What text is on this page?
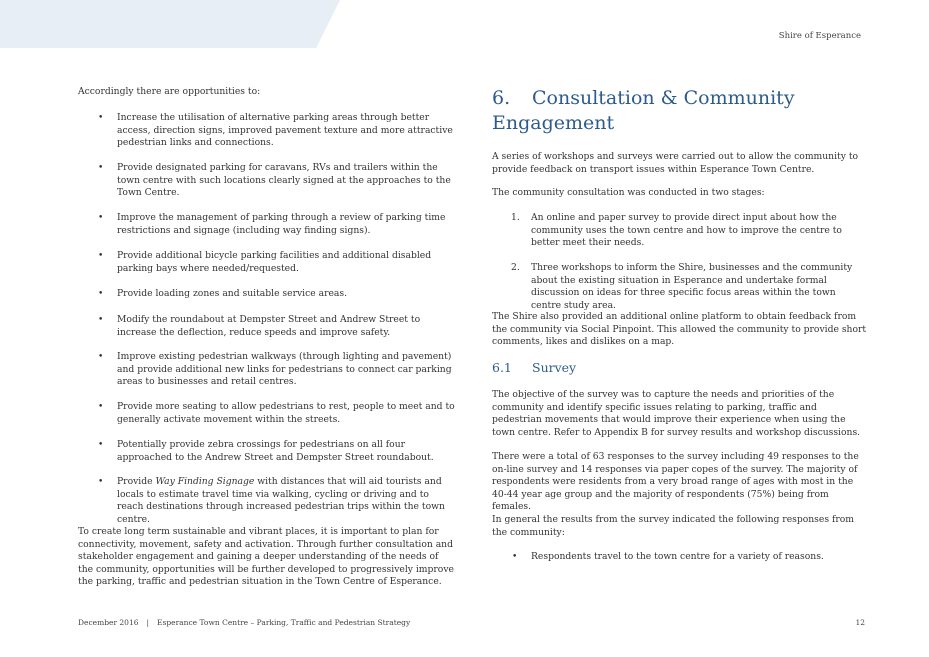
Shire of Esperance

Accordingly there are opportunities to:

• Increase the utilisation of alternative parking areas through better access, direction signs, improved pavement texture and more attractive pedestrian links and connections.
• Provide designated parking for caravans, RVs and trailers within the town centre with such locations clearly signed at the approaches to the Town Centre.
• Improve the management of parking through a review of parking time restrictions and signage (including way finding signs).
• Provide additional bicycle parking facilities and additional disabled parking bays where needed/requested.
• Provide loading zones and suitable service areas.
• Modify the roundabout at Dempster Street and Andrew Street to increase the deflection, reduce speeds and improve safety.
• Improve existing pedestrian walkways (through lighting and pavement) and provide additional new links for pedestrians to connect car parking areas to businesses and retail centres.
• Provide more seating to allow pedestrians to rest, people to meet and to generally activate movement within the streets.
• Potentially provide zebra crossings for pedestrians on all four approached to the Andrew Street and Dempster Street roundabout.
• Provide Way Finding Signage with distances that will aid tourists and locals to estimate travel time via walking, cycling or driving and to reach destinations through increased pedestrian trips within the town centre.

To create long term sustainable and vibrant places, it is important to plan for connectivity, movement, safety and activation. Through further consultation and stakeholder engagement and gaining a deeper understanding of the needs of the community, opportunities will be further developed to progressively improve the parking, traffic and pedestrian situation in the Town Centre of Esperance.

6. Consultation & Community Engagement

A series of workshops and surveys were carried out to allow the community to provide feedback on transport issues within Esperance Town Centre.

The community consultation was conducted in two stages:

1. An online and paper survey to provide direct input about how the community uses the town centre and how to improve the centre to better meet their needs.
2. Three workshops to inform the Shire, businesses and the community about the existing situation in Esperance and undertake formal discussion on ideas for three specific focus areas within the town centre study area.

The Shire also provided an additional online platform to obtain feedback from the community via Social Pinpoint. This allowed the community to provide short comments, likes and dislikes on a map.

6.1 Survey

The objective of the survey was to capture the needs and priorities of the community and identify specific issues relating to parking, traffic and pedestrian movements that would improve their experience when using the town centre. Refer to Appendix B for survey results and workshop discussions.

There were a total of 63 responses to the survey including 49 responses to the on-line survey and 14 responses via paper copes of the survey. The majority of respondents were residents from a very broad range of ages with most in the 40-44 year age group and the majority of respondents (75%) being from females.

In general the results from the survey indicated the following responses from the community:

• Respondents travel to the town centre for a variety of reasons.
December 2016 | Esperance Town Centre – Parking, Traffic and Pedestrian Strategy	12
